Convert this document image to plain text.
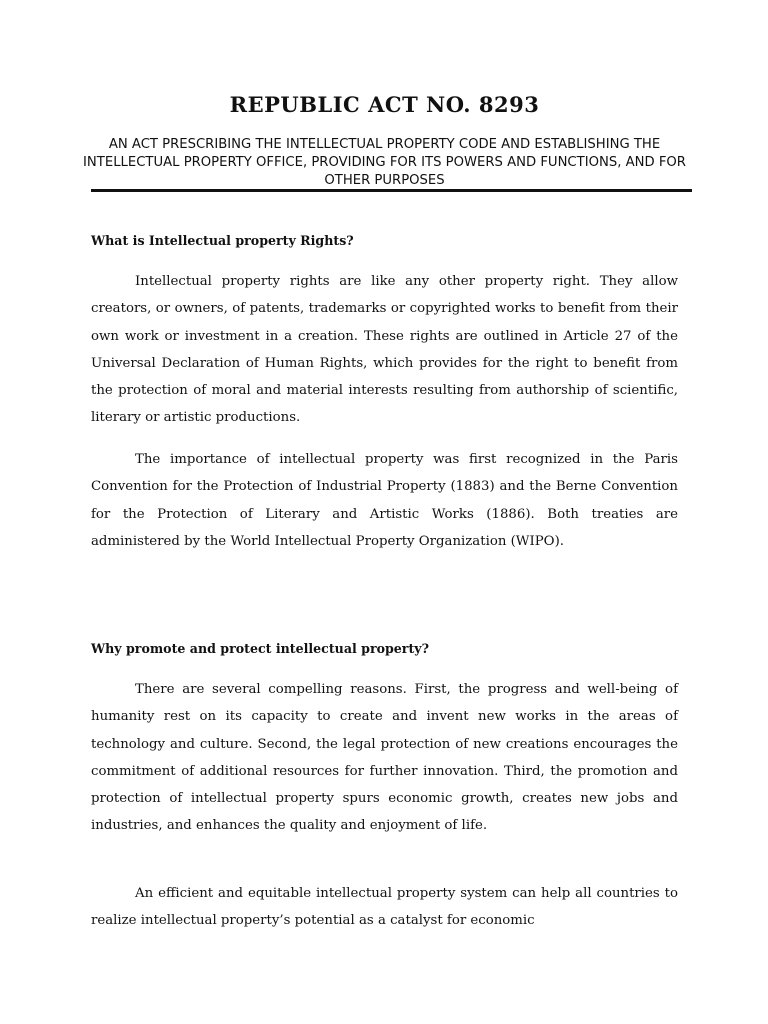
REPUBLIC ACT NO. 8293

AN ACT PRESCRIBING THE INTELLECTUAL PROPERTY CODE AND ESTABLISHING THE INTELLECTUAL PROPERTY OFFICE, PROVIDING FOR ITS POWERS AND FUNCTIONS, AND FOR OTHER PURPOSES

What is Intellectual property Rights?

Intellectual property rights are like any other property right. They allow creators, or owners, of patents, trademarks or copyrighted works to benefit from their own work or investment in a creation. These rights are outlined in Article 27 of the Universal Declaration of Human Rights, which provides for the right to benefit from the protection of moral and material interests resulting from authorship of scientific, literary or artistic productions.

The importance of intellectual property was first recognized in the Paris Convention for the Protection of Industrial Property (1883) and the Berne Convention for the Protection of Literary and Artistic Works (1886). Both treaties are administered by the World Intellectual Property Organization (WIPO).

Why promote and protect intellectual property?

There are several compelling reasons. First, the progress and well-being of humanity rest on its capacity to create and invent new works in the areas of technology and culture. Second, the legal protection of new creations encourages the commitment of additional resources for further innovation. Third, the promotion and protection of intellectual property spurs economic growth, creates new jobs and industries, and enhances the quality and enjoyment of life.

An efficient and equitable intellectual property system can help all countries to realize intellectual property’s potential as a catalyst for economic
